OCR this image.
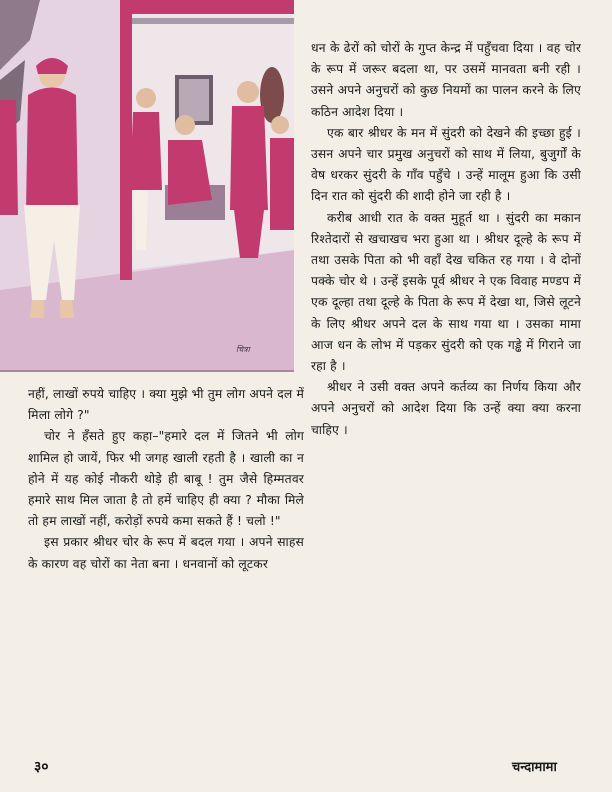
चित्रा

धन के ढेरों को चोरों के गुप्त केन्द्र में पहुँचवा दिया । वह चोर के रूप में जरूर बदला था, पर उसमें मानवता बनी रही । उसने अपने अनुचरों को कुछ नियमों का पालन करने के लिए कठिन आदेश दिया ।

एक बार श्रीधर के मन में सुंदरी को देखने की इच्छा हुई । उसन अपने चार प्रमुख अनुचरों को साथ में लिया, बुजुर्गों के वेष धरकर सुंदरी के गाँव पहुँचे । उन्हें मालूम हुआ कि उसी दिन रात को सुंदरी की शादी होने जा रही है ।

करीब आधी रात के वक्त मुहूर्त था । सुंदरी का मकान रिश्तेदारों से खचाखच भरा हुआ था । श्रीधर दूल्हे के रूप में तथा उसके पिता को भी वहाँ देख चकित रह गया । वे दोनों पक्के चोर थे । उन्हें इसके पूर्व श्रीधर ने एक विवाह मण्डप में एक दूल्हा तथा दूल्हे के पिता के रूप में देखा था, जिसे लूटने के लिए श्रीधर अपने दल के साथ गया था । उसका मामा आज धन के लोभ में पड़कर सुंदरी को एक गड्ढे में गिराने जा रहा है ।

श्रीधर ने उसी वक्त अपने कर्तव्य का निर्णय किया और अपने अनुचरों को आदेश दिया कि उन्हें क्या क्या करना चाहिए ।

नहीं, लाखों रुपये चाहिए । क्या मुझे भी तुम लोग अपने दल में मिला लोगे ?"

चोर ने हँसते हुए कहा–"हमारे दल में जितने भी लोग शामिल हो जायें, फिर भी जगह खाली रहती है । खाली का न होने में यह कोई नौकरी थोड़े ही बाबू ! तुम जैसे हिम्मतवर हमारे साथ मिल जाता है तो हमें चाहिए ही क्या ? मौका मिले तो हम लाखों नहीं, करोड़ों रुपये कमा सकते हैं ! चलो !"

इस प्रकार श्रीधर चोर के रूप में बदल गया । अपने साहस के कारण वह चोरों का नेता बना । धनवानों को लूटकर

३०	चन्दामामा
